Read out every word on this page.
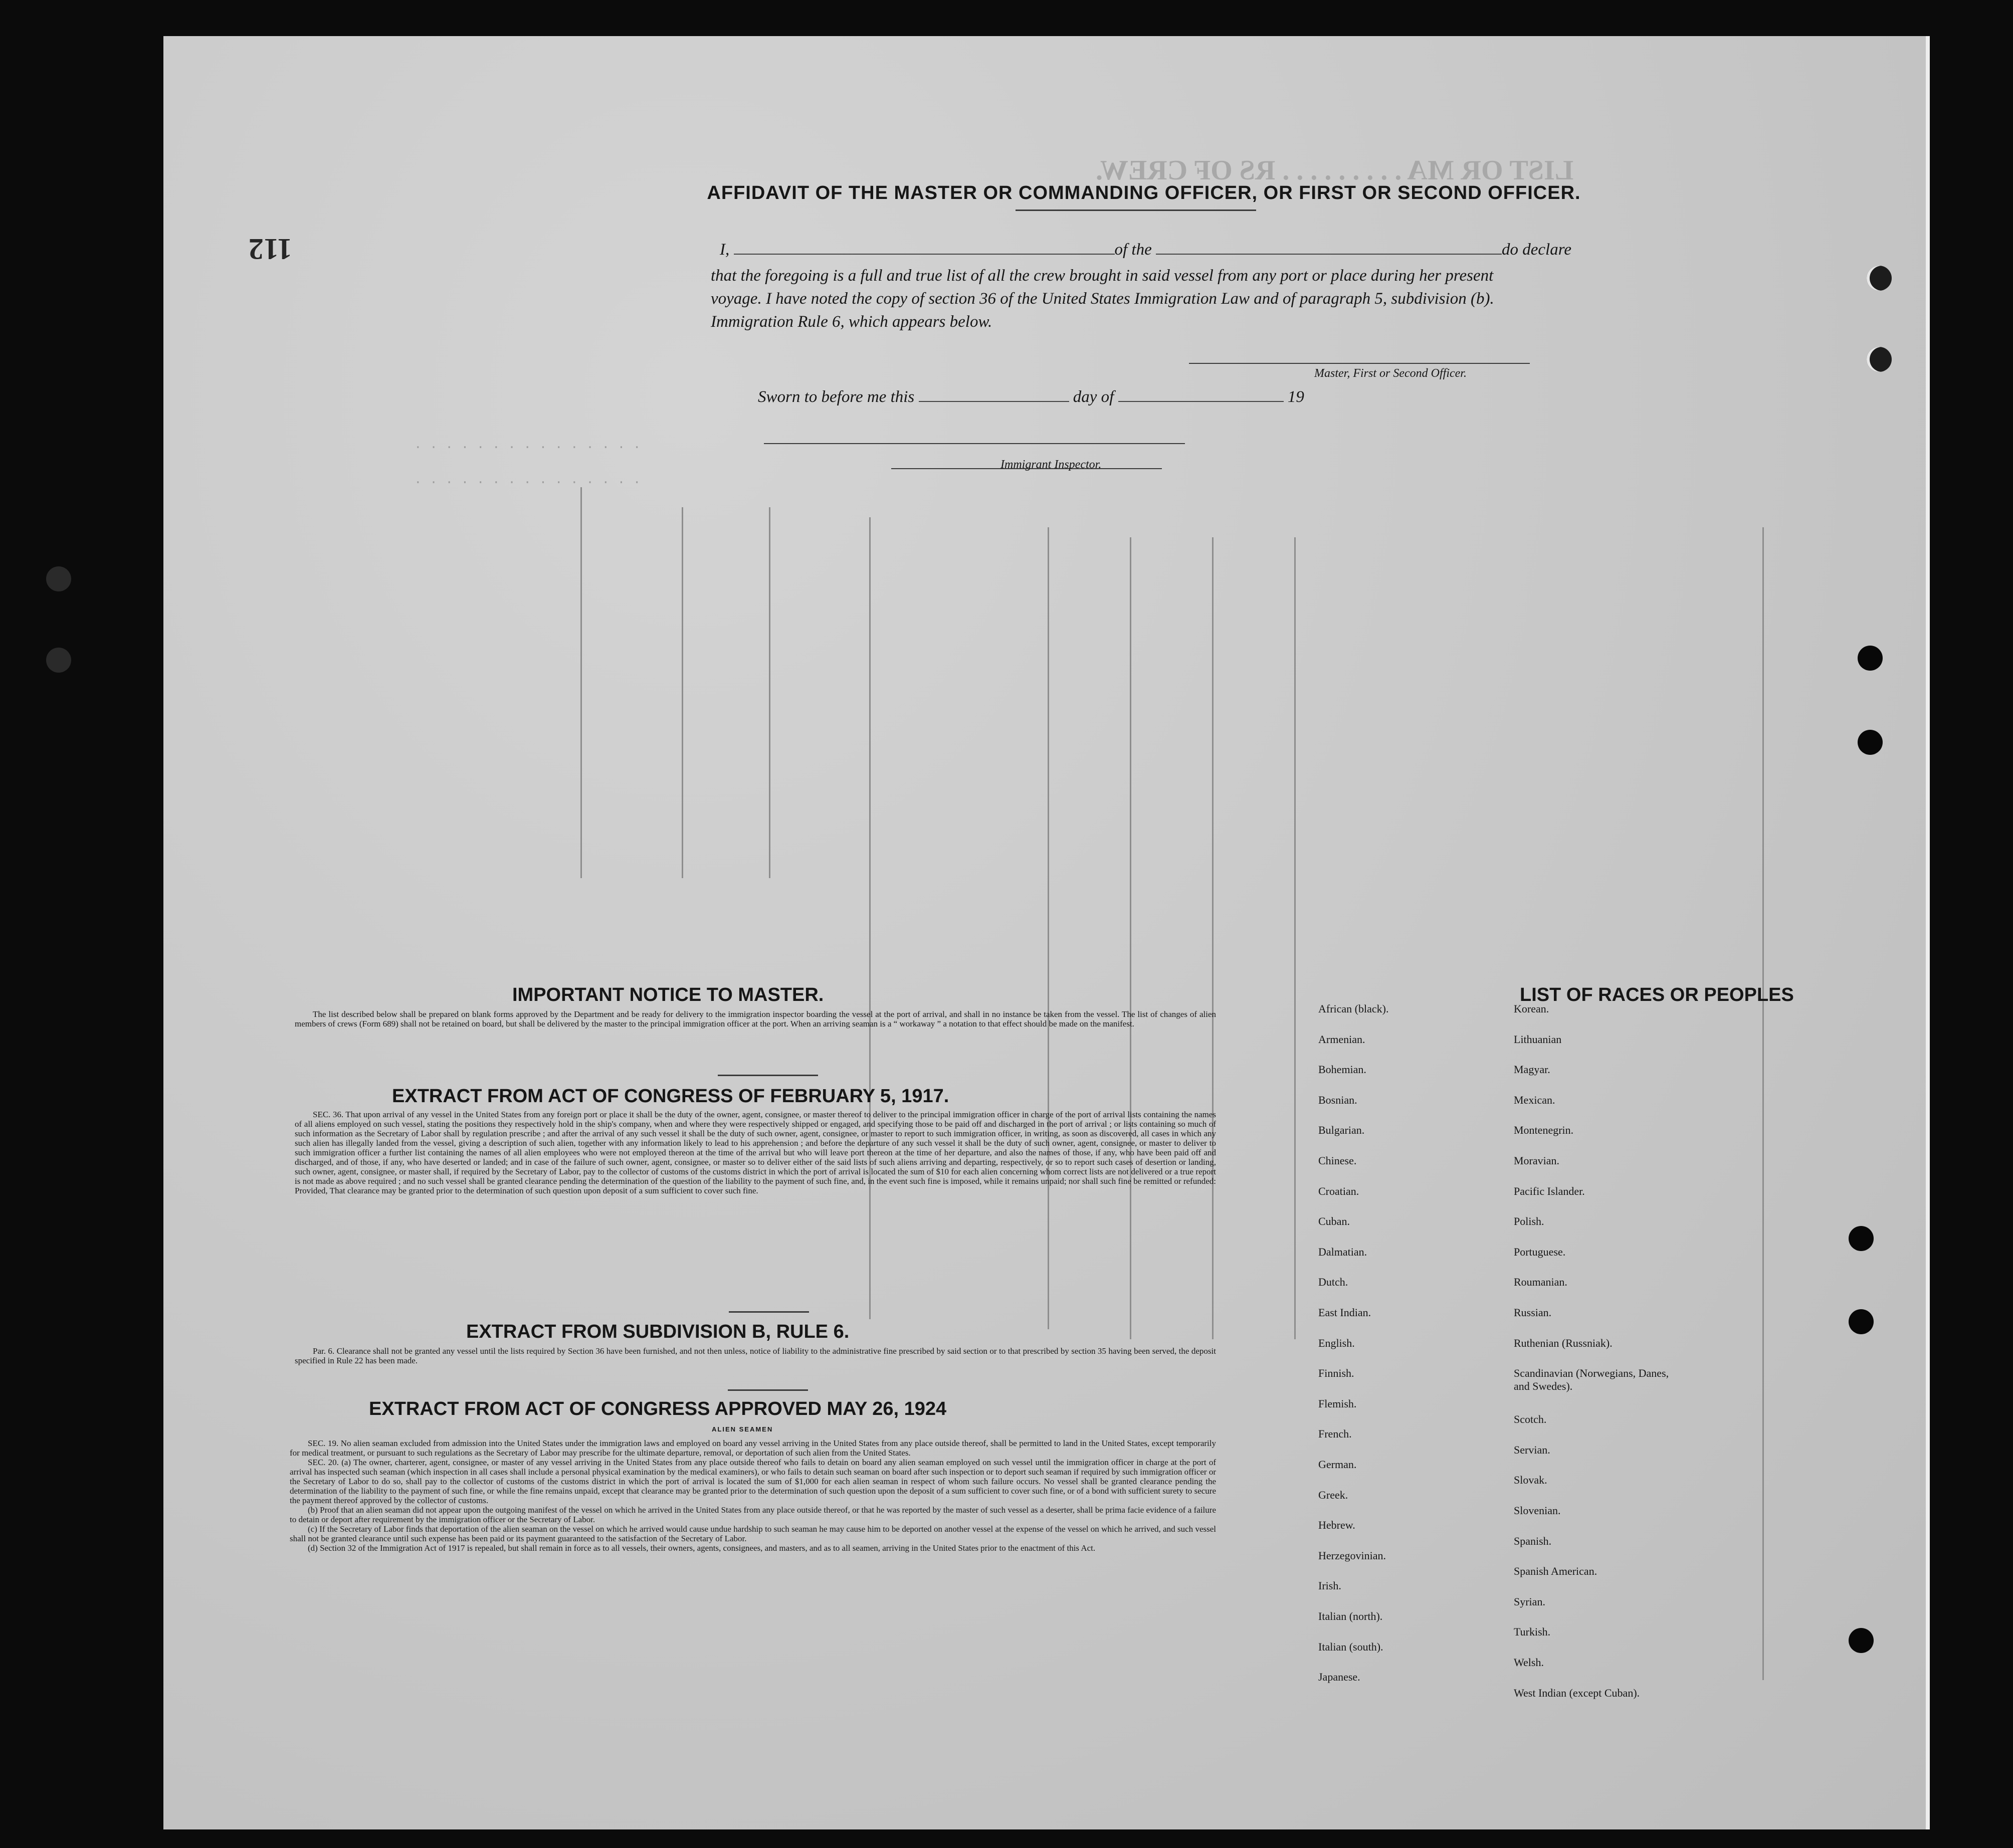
LIST OR MA . . . . . . . . . RS OF CREW.
. . . . . . . . . . . . . . .
. . . . . . . . . . . . . . .
112
AFFIDAVIT OF THE MASTER OR COMMANDING OFFICER, OR FIRST OR SECOND OFFICER.
I,	of the	do declare
that the foregoing is a full and true list of all the crew brought in said vessel from any port or place during her present
voyage. I have noted the copy of section 36 of the United States Immigration Law and of paragraph 5, subdivision (b).
Immigration Rule 6, which appears below.
Master, First or Second Officer.
Sworn to before me this	day of	19
Immigrant Inspector.
IMPORTANT NOTICE TO MASTER.
The list described below shall be prepared on blank forms approved by the Department and be ready for delivery to the immigration inspector boarding the vessel at the port of arrival, and shall in no instance be taken from the vessel. The list of changes of alien members of crews (Form 689) shall not be retained on board, but shall be delivered by the master to the principal immigration officer at the port. When an arriving seaman is a “ workaway ” a notation to that effect should be made on the manifest.
EXTRACT FROM ACT OF CONGRESS OF FEBRUARY 5, 1917.
SEC. 36. That upon arrival of any vessel in the United States from any foreign port or place it shall be the duty of the owner, agent, consignee, or master thereof to deliver to the principal immigration officer in charge of the port of arrival lists containing the names of all aliens employed on such vessel, stating the positions they respectively hold in the ship's company, when and where they were respectively shipped or engaged, and specifying those to be paid off and discharged in the port of arrival ; or lists containing so much of such information as the Secretary of Labor shall by regulation prescribe ; and after the arrival of any such vessel it shall be the duty of such owner, agent, consignee, or master to report to such immigration officer, in writing, as soon as discovered, all cases in which any such alien has illegally landed from the vessel, giving a description of such alien, together with any information likely to lead to his apprehension ; and before the departure of any such vessel it shall be the duty of such owner, agent, consignee, or master to deliver to such immigration officer a further list containing the names of all alien employees who were not employed thereon at the time of the arrival but who will leave port thereon at the time of her departure, and also the names of those, if any, who have been paid off and discharged, and of those, if any, who have deserted or landed; and in case of the failure of such owner, agent, consignee, or master so to deliver either of the said lists of such aliens arriving and departing, respectively, or so to report such cases of desertion or landing, such owner, agent, consignee, or master shall, if required by the Secretary of Labor, pay to the collector of customs of the customs district in which the port of arrival is located the sum of $10 for each alien concerning whom correct lists are not delivered or a true report is not made as above required ; and no such vessel shall be granted clearance pending the determination of the question of the liability to the payment of such fine, and, in the event such fine is imposed, while it remains unpaid; nor shall such fine be remitted or refunded: Provided, That clearance may be granted prior to the determination of such question upon deposit of a sum sufficient to cover such fine.
EXTRACT FROM SUBDIVISION B, RULE 6.
Par. 6. Clearance shall not be granted any vessel until the lists required by Section 36 have been furnished, and not then unless, notice of liability to the administrative fine prescribed by said section or to that prescribed by section 35 having been served, the deposit specified in Rule 22 has been made.
EXTRACT FROM ACT OF CONGRESS APPROVED MAY 26, 1924
ALIEN SEAMEN

SEC. 19. No alien seaman excluded from admission into the United States under the immigration laws and employed on board any vessel arriving in the United States from any place outside thereof, shall be permitted to land in the United States, except temporarily for medical treatment, or pursuant to such regulations as the Secretary of Labor may prescribe for the ultimate departure, removal, or deportation of such alien from the United States.

SEC. 20. (a) The owner, charterer, agent, consignee, or master of any vessel arriving in the United States from any place outside thereof who fails to detain on board any alien seaman employed on such vessel until the immigration officer in charge at the port of arrival has inspected such seaman (which inspection in all cases shall include a personal physical examination by the medical examiners), or who fails to detain such seaman on board after such inspection or to deport such seaman if required by such immigration officer or the Secretary of Labor to do so, shall pay to the collector of customs of the customs district in which the port of arrival is located the sum of $1,000 for each alien seaman in respect of whom such failure occurs. No vessel shall be granted clearance pending the determination of the liability to the payment of such fine, or while the fine remains unpaid, except that clearance may be granted prior to the determination of such question upon the deposit of a sum sufficient to cover such fine, or of a bond with sufficient surety to secure the payment thereof approved by the collector of customs.

(b) Proof that an alien seaman did not appear upon the outgoing manifest of the vessel on which he arrived in the United States from any place outside thereof, or that he was reported by the master of such vessel as a deserter, shall be prima facie evidence of a failure to detain or deport after requirement by the immigration officer or the Secretary of Labor.

(c) If the Secretary of Labor finds that deportation of the alien seaman on the vessel on which he arrived would cause undue hardship to such seaman he may cause him to be deported on another vessel at the expense of the vessel on which he arrived, and such vessel shall not be granted clearance until such expense has been paid or its payment guaranteed to the satisfaction of the Secretary of Labor.

(d) Section 32 of the Immigration Act of 1917 is repealed, but shall remain in force as to all vessels, their owners, agents, consignees, and masters, and as to all seamen, arriving in the United States prior to the enactment of this Act.

LIST OF RACES OR PEOPLES
African (black).
Armenian.
Bohemian.
Bosnian.
Bulgarian.
Chinese.
Croatian.
Cuban.
Dalmatian.
Dutch.
East Indian.
English.
Finnish.
Flemish.
French.
German.
Greek.
Hebrew.
Herzegovinian.
Irish.
Italian (north).
Italian (south).
Japanese.
Korean.
Lithuanian
Magyar.
Mexican.
Montenegrin.
Moravian.
Pacific Islander.
Polish.
Portuguese.
Roumanian.
Russian.
Ruthenian (Russniak).
Scandinavian (Norwegians, Danes, and Swedes).
Scotch.
Servian.
Slovak.
Slovenian.
Spanish.
Spanish American.
Syrian.
Turkish.
Welsh.
West Indian (except Cuban).
